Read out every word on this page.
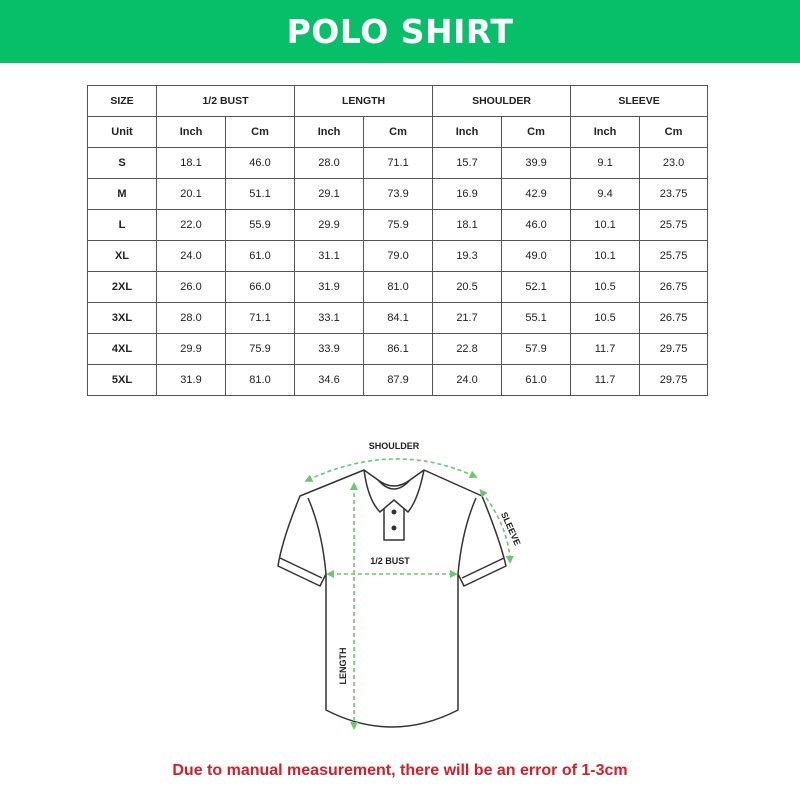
POLO SHIRT
SIZE	1/2 BUST		LENGTH		SHOULDER		SLEEVE	
Unit	Inch	Cm	Inch	Cm	Inch	Cm	Inch	Cm
S	18.1	46.0	28.0	71.1	15.7	39.9	9.1	23.0
M	20.1	51.1	29.1	73.9	16.9	42.9	9.4	23.75
L	22.0	55.9	29.9	75.9	18.1	46.0	10.1	25.75
XL	24.0	61.0	31.1	79.0	19.3	49.0	10.1	25.75
2XL	26.0	66.0	31.9	81.0	20.5	52.1	10.5	26.75
3XL	28.0	71.1	33.1	84.1	21.7	55.1	10.5	26.75
4XL	29.9	75.9	33.9	86.1	22.8	57.9	11.7	29.75
5XL	31.9	81.0	34.6	87.9	24.0	61.0	11.7	29.75
SHOULDER
SLEEVE
1/2 BUST
LENGTH
Due to manual measurement, there will be an error of 1-3cm
